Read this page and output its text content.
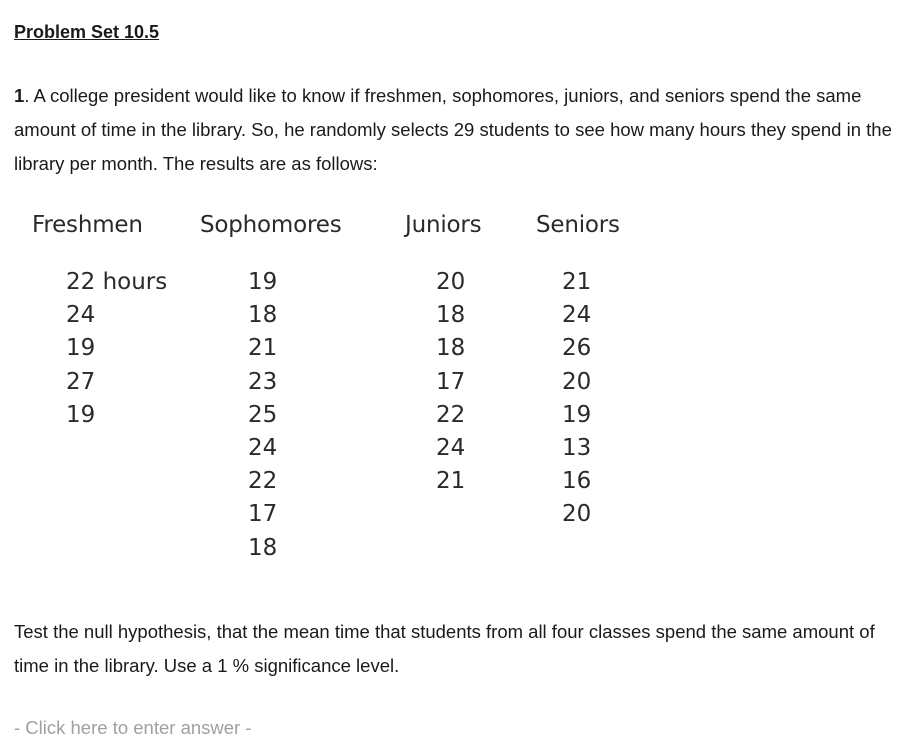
Problem Set 10.5
1. A college president would like to know if freshmen, sophomores, juniors, and seniors spend the same amount of time in the library. So, he randomly selects 29 students to see how many hours they spend in the library per month. The results are as follows:
Freshmen Sophomores	Juniors Seniors
22 hours
24
19
27
19
19
18
21
23
25
24
22
17
18
20
18
18
17
22
24
21
21
24
26
20
19
13
16
20
Test the null hypothesis, that the mean time that students from all four classes spend the same amount of time in the library. Use a 1 % significance level.
- Click here to enter answer -
